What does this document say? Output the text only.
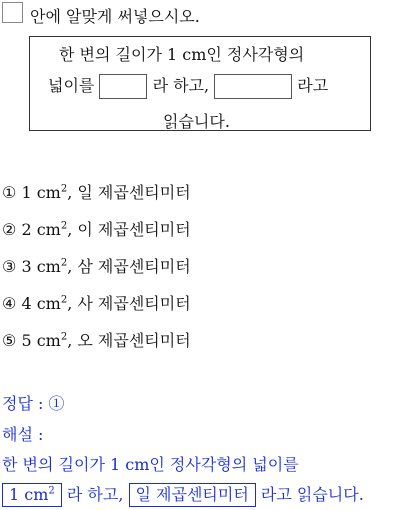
안에 알맞게 써넣으시오.
한 변의 길이가 1 cm인 정사각형의
넓이를	라 하고,	라고
읽습니다.
① 1 $cm^2$, 일 제곱센티미터
② 2 $cm^2$, 이 제곱센티미터
③ 3 $cm^2$, 삼 제곱센티미터
④ 4 $cm^2$, 사 제곱센티미터
⑤ 5 $cm^2$, 오 제곱센티미터
정답 : ①
해설 :
한 변의 길이가 1 cm인 정사각형의 넓이를
1 $cm^2$ 라 하고, 일 제곱센티미터 라고 읽습니다.
